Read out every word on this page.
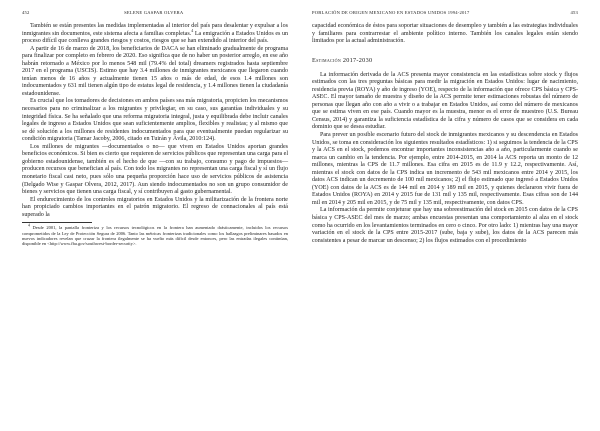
452	SELENE GASPAR OLVERA

También se están presentes las medidas implementadas al interior del país para desalentar y expulsar a los inmigrantes sin documentos, este sistema afecta a familias completas.$^4$ La emigración a Estados Unidos es un proceso difícil que conlleva grandes riesgos y costos, riesgos que se han extendido al interior del país.

A partir de 16 de marzo de 2018, los beneficiarios de DACA se han eliminado gradualmente de programa para finalizar por completo en febrero de 2020. Eso significa que de no haber un posterior arreglo, en ese año habrán retornado a México por lo menos 548 mil (79.4% del total) dreamers registrados hasta septiembre 2017 en el programa (USCIS). Estimo que hay 3.4 millones de inmigrantes mexicanos que llegaron cuando tenían menos de 16 años y actualmente tienen 15 años o más de edad, de esos 1.4 millones son indocumentados y 631 mil tienen algún tipo de estatus legal de residencia, y 1.4 millones tienen la ciudadanía estadounidense.

Es crucial que los tomadores de decisiones en ambos países sea más migratoria, propicien los mecanismos necesarios para no criminalizar a los migrantes y privilegiar, en su caso, sus garantías individuales y su integridad física. Se ha señalado que una reforma migratoria integral, justa y equilibrada debe incluir canales legales de ingreso a Estados Unidos que sean suficientemente amplios, flexibles y realistas; y al mismo que se dé solución a los millones de residentes indocumentados para que eventualmente puedan regularizar su condición migratoria (Tamar Jacoby, 2006, citado en Tuirán y Ávila, 2010:124).

Los millones de migrantes —documentados o no— que viven en Estados Unidos aportan grandes beneficios económicos. Si bien es cierto que requieren de servicios públicos que representan una carga para el gobierno estadounidense, también es el hecho de que —con su trabajo, consumo y pago de impuestos— producen recursos que benefician al país. Con todo los migrantes no representan una carga fiscal y sí un flujo monetario fiscal casi neto, pues sólo una pequeña proporción hace uso de servicios públicos de asistencia (Delgado Wise y Gaspar Olvera, 2012, 2017). Aun siendo indocumentados no son un grupo consumidor de bienes y servicios que tienen una carga fiscal, y sí contribuyen al gasto gubernamental.

El endurecimiento de los controles migratorios en Estados Unidos y la militarización de la frontera norte han propiciado cambios importantes en el patrón migratorio. El regreso de connacionales al país está superado la

$^4$ Desde 2001, la pantalla fronteriza y los recursos tecnológicos en la frontera han aumentado drásticamente, incluidos los recursos comprometidos de la Ley de Protección Segura de 2006. Tanto las métricas fronterizas tradicionales como los hallazgos preliminares basados en nuevos indicadores revelan que cruzar la frontera ilegalmente se ha vuelto más difícil desde entonces, pero las entradas ilegales continúan, disponible en <http://www.fba.gov/southwest-border-security>.

POBLACIÓN DE ORIGEN MEXICANO EN ESTADOS UNIDOS 1994-2017	453

capacidad económica de éstos para soportar situaciones de desempleo y también a las estrategias individuales y familiares para contrarrestar el ambiente político interno. También los canales legales están siendo limitados por la actual administración.

Estimación 2017-2030

La información derivada de la ACS presenta mayor consistencia en las estadísticas sobre stock y flujos estimados con las tres preguntas básicas para medir la migración en Estados Unidos: lugar de nacimiento, residencia previa (ROYA) y año de ingreso (YOE), respecto de la información que ofrece CPS básica y CPS-ASEC. El mayor tamaño de muestra y diseño de la ACS permite tener estimaciones robustas del número de personas que llegan año con año a vivir o a trabajar en Estados Unidos, así como del número de mexicanos que se estima viven en ese país. Cuando mayor es la muestra, menor es el error de muestreo (U.S. Bureau Census, 2014) y garantiza la suficiencia estadística de la cifra y número de casos que se considera en cada dominio que se desea estudiar.

Para prever un posible escenario futuro del stock de inmigrantes mexicanos y su descendencia en Estados Unidos, se toma en consideración los siguientes resultados estadísticos: 1) si seguimos la tendencia de la CPS y la ACS en el stock, podemos encontrar importantes inconsistencias año a año, particularmente cuando se marca un cambio en la tendencia. Por ejemplo, entre 2014-2015, en 2014 la ACS reporta un monto de 12 millones, mientras la CPS de 11.7 millones. Esa cifra en 2015 es de 11.9 y 12.2, respectivamente. Así, mientras el stock con datos de la CPS indica un incremento de 543 mil mexicanos entre 2014 y 2015, los datos ACS indican un decremento de 100 mil mexicanos; 2) el flujo estimado que ingresó a Estados Unidos (YOE) con datos de la ACS es de 144 mil en 2014 y 189 mil en 2015, y quienes declararon vivir fuera de Estados Unidos (ROYA) en 2014 y 2015 fue de 131 mil y 135 mil, respectivamente. Esas cifras son de 144 mil en 2014 y 205 mil en 2015, y de 75 mil y 135 mil, respectivamente, con datos CPS.

La información da permite conjeturar que hay una sobreestimación del stock en 2015 con datos de la CPS básica y CPS-ASEC del mes de marzo; ambas encuestas presentan una comportamiento al alza en el stock como ha ocurrido en los levantamientos terminados en cero o cinco. Por otro lado: 1) mientras hay una mayor variación en el stock de la CPS entre 2015-2017 (sube, baja y sube), los datos de la ACS parecen más consistentes a pesar de marcar un descenso; 2) los flujos estimados con el procedimiento
